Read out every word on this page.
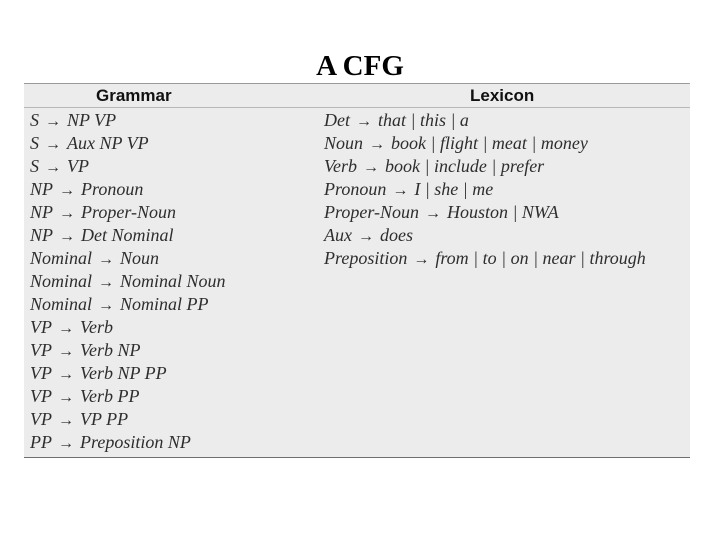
A CFG
Grammar	Lexicon
S → NP VP
S → Aux NP VP
S → VP
NP → Pronoun
NP → Proper-Noun
NP → Det Nominal
Nominal → Noun
Nominal → Nominal Noun
Nominal → Nominal PP
VP → Verb
VP → Verb NP
VP → Verb NP PP
VP → Verb PP
VP → VP PP
PP → Preposition NP
Det → that | this | a
Noun → book | flight | meat | money
Verb → book | include | prefer
Pronoun → I | she | me
Proper-Noun → Houston | NWA
Aux → does
Preposition → from | to | on | near | through
